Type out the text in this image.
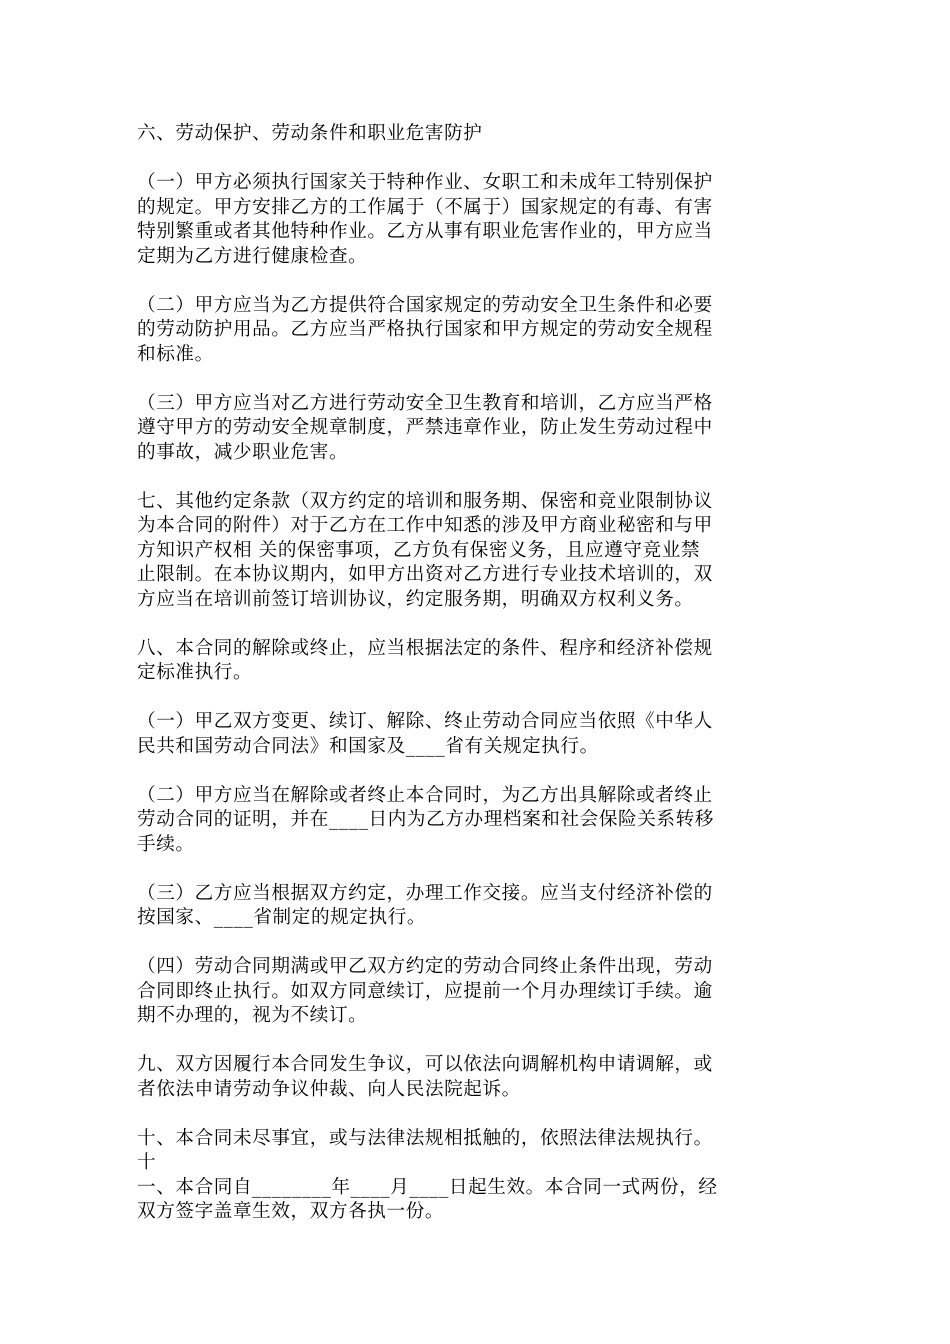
六、劳动保护、劳动条件和职业危害防护

（一）甲方必须执行国家关于特种作业、女职工和未成年工特别保护
的规定。甲方安排乙方的工作属于（不属于）国家规定的有毒、有害
特别繁重或者其他特种作业。乙方从事有职业危害作业的，甲方应当
定期为乙方进行健康检查。

（二）甲方应当为乙方提供符合国家规定的劳动安全卫生条件和必要
的劳动防护用品。乙方应当严格执行国家和甲方规定的劳动安全规程
和标准。

（三）甲方应当对乙方进行劳动安全卫生教育和培训，乙方应当严格
遵守甲方的劳动安全规章制度，严禁违章作业，防止发生劳动过程中
的事故，减少职业危害。

七、其他约定条款（双方约定的培训和服务期、保密和竞业限制协议
为本合同的附件）对于乙方在工作中知悉的涉及甲方商业秘密和与甲
方知识产权相 关的保密事项，乙方负有保密义务，且应遵守竞业禁
止限制。在本协议期内，如甲方出资对乙方进行专业技术培训的，双
方应当在培训前签订培训协议，约定服务期，明确双方权利义务。

八、本合同的解除或终止，应当根据法定的条件、程序和经济补偿规
定标准执行。

（一）甲乙双方变更、续订、解除、终止劳动合同应当依照《中华人
民共和国劳动合同法》和国家及____省有关规定执行。

（二）甲方应当在解除或者终止本合同时，为乙方出具解除或者终止
劳动合同的证明，并在____日内为乙方办理档案和社会保险关系转移
手续。

（三）乙方应当根据双方约定，办理工作交接。应当支付经济补偿的
按国家、____省制定的规定执行。

（四）劳动合同期满或甲乙双方约定的劳动合同终止条件出现，劳动
合同即终止执行。如双方同意续订，应提前一个月办理续订手续。逾
期不办理的，视为不续订。

九、双方因履行本合同发生争议，可以依法向调解机构申请调解，或
者依法申请劳动争议仲裁、向人民法院起诉。

十、本合同未尽事宜，或与法律法规相抵触的，依照法律法规执行。
十
一、本合同自________年____月____日起生效。本合同一式两份，经
双方签字盖章生效，双方各执一份。
